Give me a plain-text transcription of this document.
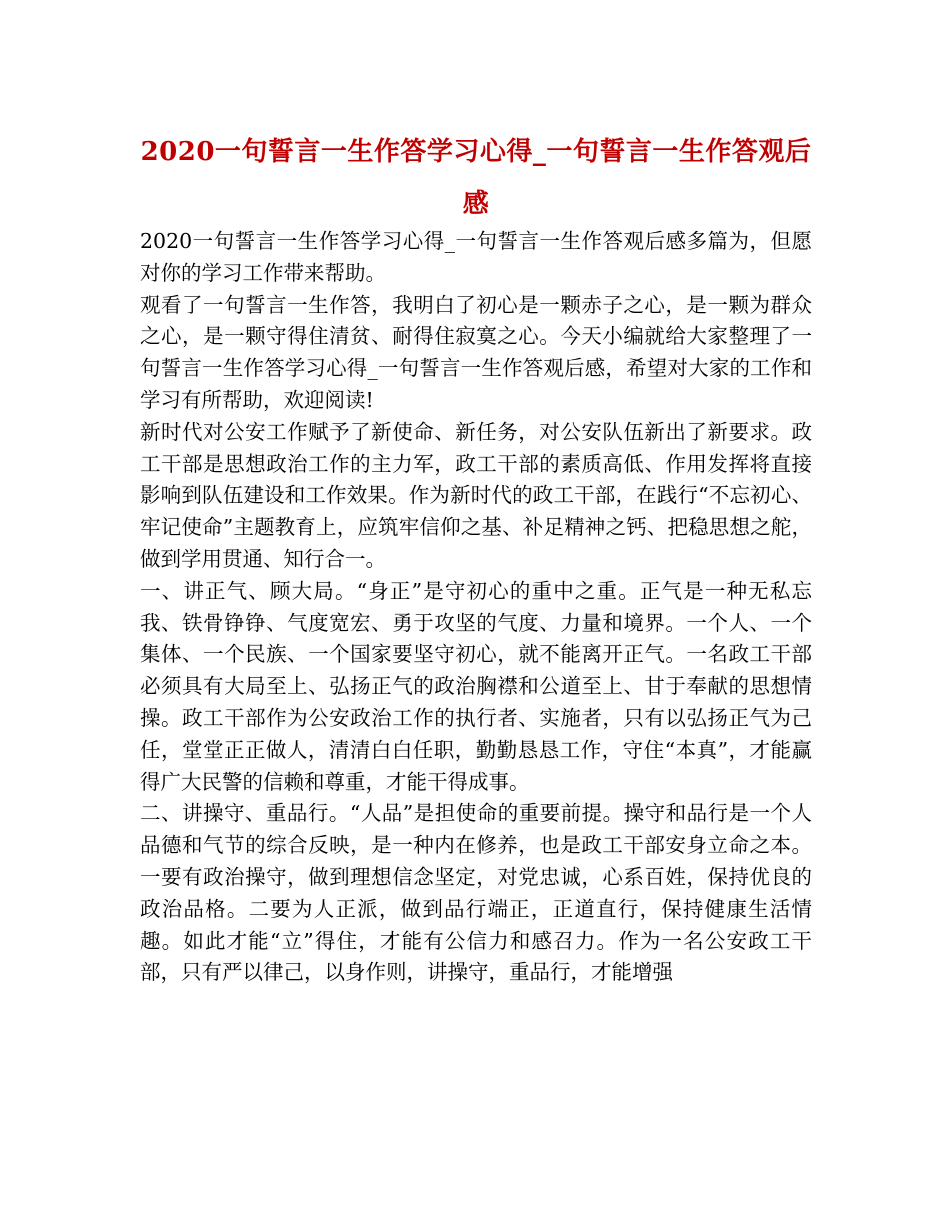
2020一句誓言一生作答学习心得_一句誓言一生作答观后感

2020一句誓言一生作答学习心得_一句誓言一生作答观后感多篇为，但愿对你的学习工作带来帮助。

观看了一句誓言一生作答，我明白了初心是一颗赤子之心，是一颗为群众之心，是一颗守得住清贫、耐得住寂寞之心。今天小编就给大家整理了一句誓言一生作答学习心得_一句誓言一生作答观后感，希望对大家的工作和学习有所帮助，欢迎阅读!

新时代对公安工作赋予了新使命、新任务，对公安队伍新出了新要求。政工干部是思想政治工作的主力军，政工干部的素质高低、作用发挥将直接影响到队伍建设和工作效果。作为新时代的政工干部，在践行“不忘初心、牢记使命”主题教育上，应筑牢信仰之基、补足精神之钙、把稳思想之舵，做到学用贯通、知行合一。

一、讲正气、顾大局。“身正”是守初心的重中之重。正气是一种无私忘我、铁骨铮铮、气度宽宏、勇于攻坚的气度、力量和境界。一个人、一个集体、一个民族、一个国家要坚守初心，就不能离开正气。一名政工干部必须具有大局至上、弘扬正气的政治胸襟和公道至上、甘于奉献的思想情操。政工干部作为公安政治工作的执行者、实施者，只有以弘扬正气为己任，堂堂正正做人，清清白白任职，勤勤恳恳工作，守住“本真”，才能赢得广大民警的信赖和尊重，才能干得成事。

二、讲操守、重品行。“人品”是担使命的重要前提。操守和品行是一个人品德和气节的综合反映，是一种内在修养，也是政工干部安身立命之本。一要有政治操守，做到理想信念坚定，对党忠诚，心系百姓，保持优良的政治品格。二要为人正派，做到品行端正，正道直行，保持健康生活情趣。如此才能“立”得住，才能有公信力和感召力。作为一名公安政工干部，只有严以律己，以身作则，讲操守，重品行，才能增强
